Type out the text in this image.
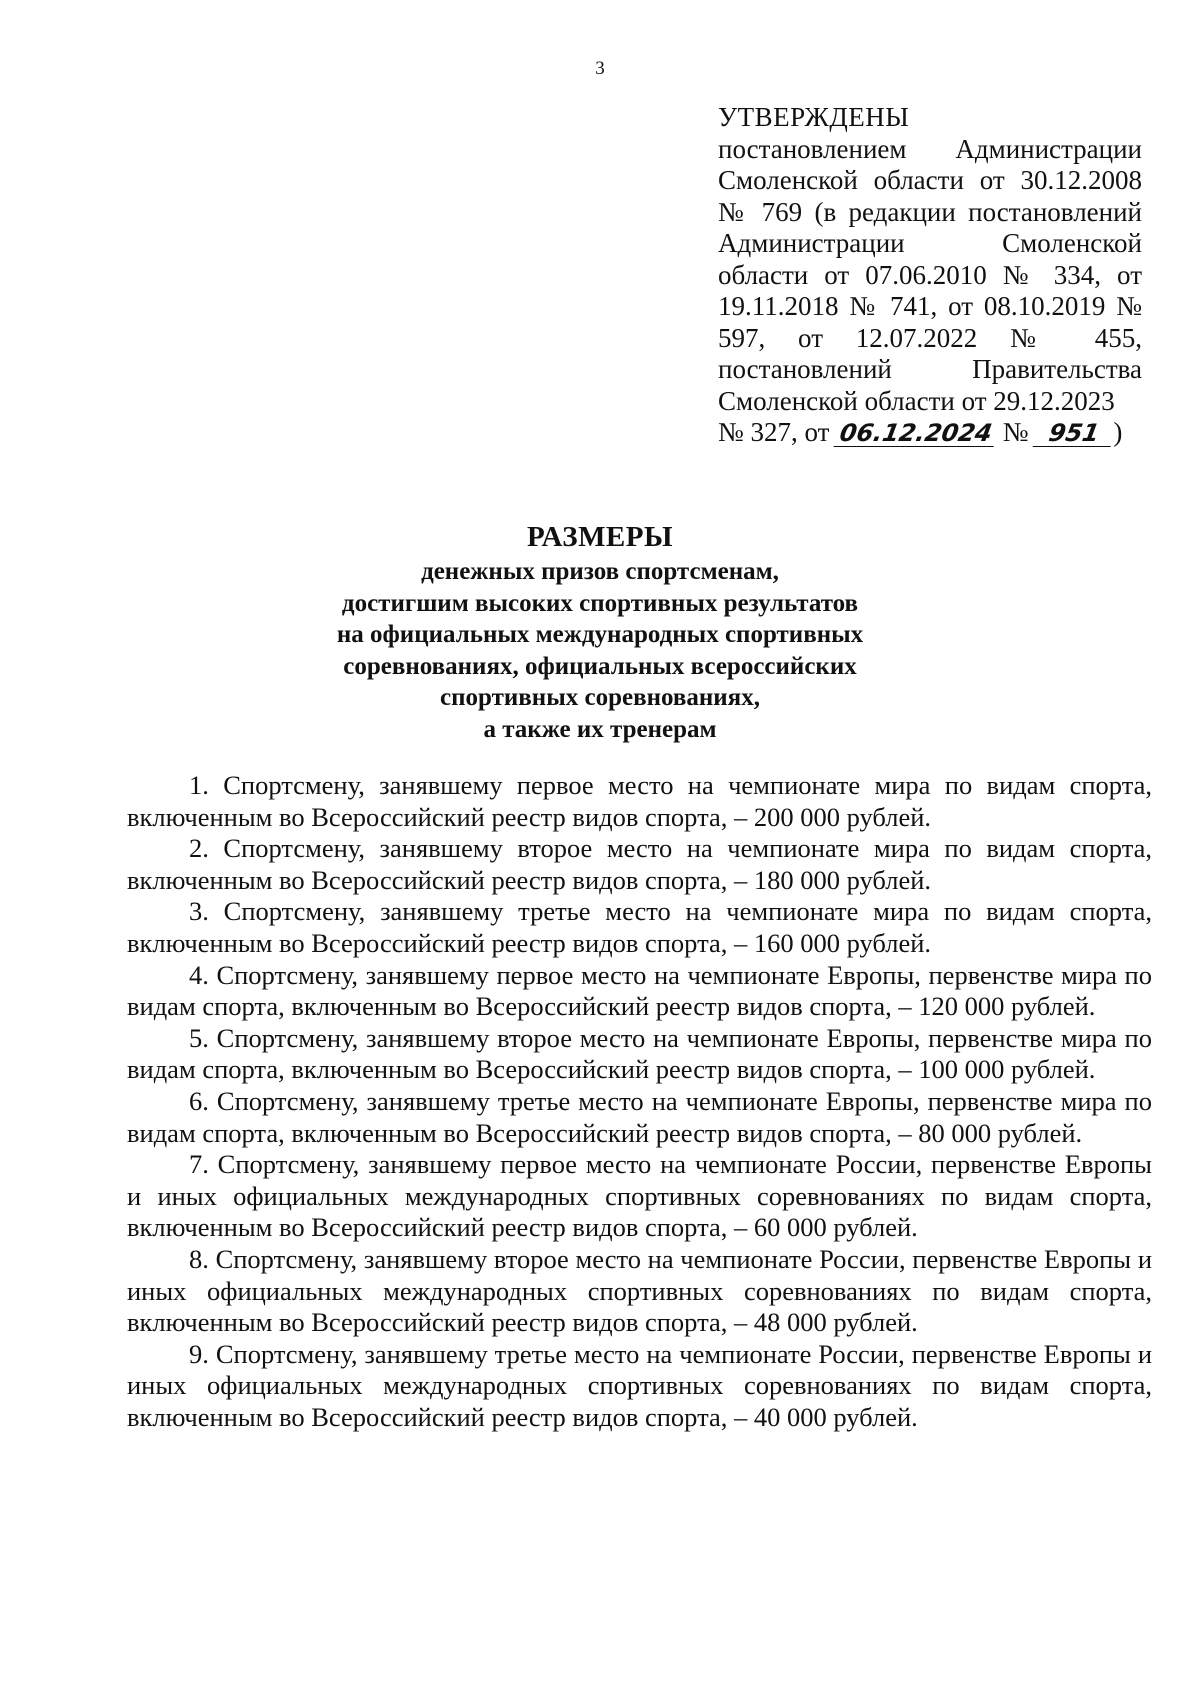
3
УТВЕРЖДЕНЫ
постановлением Администрации Смоленской области от 30.12.2008 № 769 (в редакции постановлений Администрации Смоленской области от 07.06.2010 № 334, от 19.11.2018 № 741, от 08.10.2019 № 597, от 12.07.2022 № 455, постановлений Правительства Смоленской области от 29.12.2023
№ 327, от 06.12.2024 № 951 )
РАЗМЕРЫ
денежных призов спортсменам,
достигшим высоких спортивных результатов
на официальных международных спортивных
соревнованиях, официальных всероссийских
спортивных соревнованиях,
а также их тренерам

1. Спортсмену, занявшему первое место на чемпионате мира по видам спорта, включенным во Всероссийский реестр видов спорта, – 200 000 рублей.

2. Спортсмену, занявшему второе место на чемпионате мира по видам спорта, включенным во Всероссийский реестр видов спорта, – 180 000 рублей.

3. Спортсмену, занявшему третье место на чемпионате мира по видам спорта, включенным во Всероссийский реестр видов спорта, – 160 000 рублей.

4. Спортсмену, занявшему первое место на чемпионате Европы, первенстве мира по видам спорта, включенным во Всероссийский реестр видов спорта, – 120 000 рублей.

5. Спортсмену, занявшему второе место на чемпионате Европы, первенстве мира по видам спорта, включенным во Всероссийский реестр видов спорта, – 100 000 рублей.

6. Спортсмену, занявшему третье место на чемпионате Европы, первенстве мира по видам спорта, включенным во Всероссийский реестр видов спорта, – 80 000 рублей.

7. Спортсмену, занявшему первое место на чемпионате России, первенстве Европы и иных официальных международных спортивных соревнованиях по видам спорта, включенным во Всероссийский реестр видов спорта, – 60 000 рублей.

8. Спортсмену, занявшему второе место на чемпионате России, первенстве Европы и иных официальных международных спортивных соревнованиях по видам спорта, включенным во Всероссийский реестр видов спорта, – 48 000 рублей.

9. Спортсмену, занявшему третье место на чемпионате России, первенстве Европы и иных официальных международных спортивных соревнованиях по видам спорта, включенным во Всероссийский реестр видов спорта, – 40 000 рублей.
